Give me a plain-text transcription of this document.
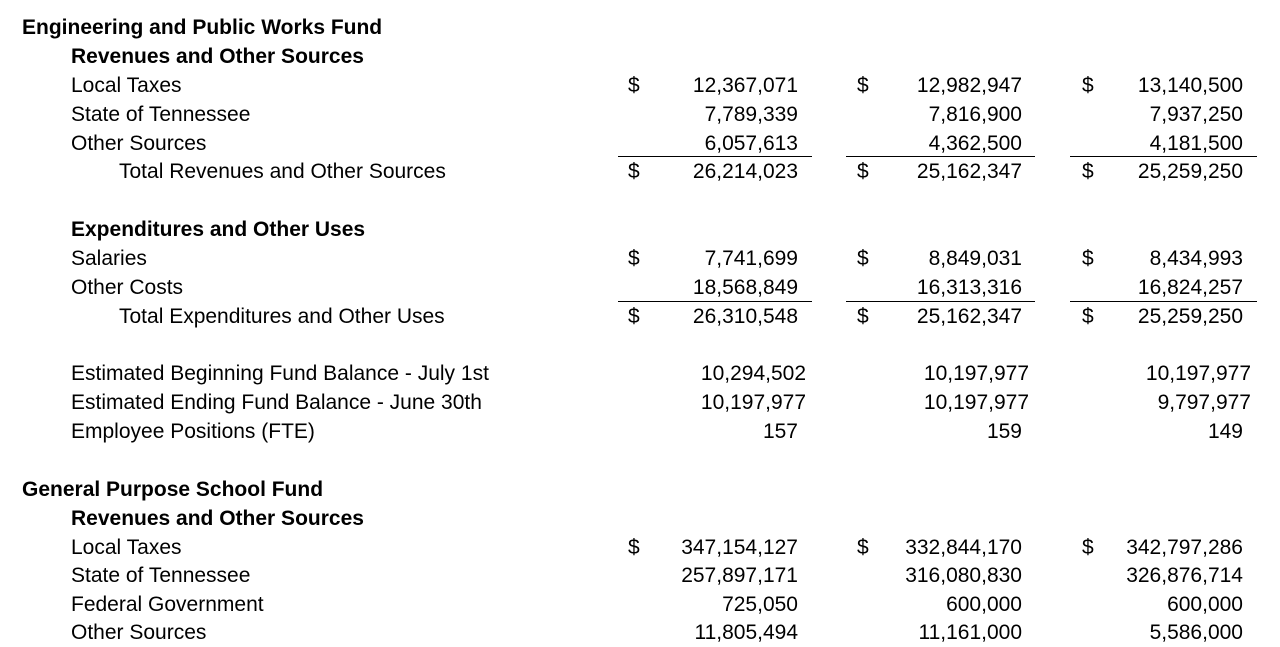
Engineering and Public Works Fund
Revenues and Other Sources
Local Taxes	$	12,367,071	$	12,982,947	$	13,140,500
State of Tennessee	7,789,339	7,816,900	7,937,250
Other Sources	6,057,613	4,362,500	4,181,500
Total Revenues and Other Sources	$	26,214,023	$	25,162,347	$	25,259,250
Expenditures and Other Uses
Salaries	$	7,741,699	$	8,849,031	$	8,434,993
Other Costs	18,568,849	16,313,316	16,824,257
Total Expenditures and Other Uses	$	26,310,548	$	25,162,347	$	25,259,250
Estimated Beginning Fund Balance - July 1st	10,294,502	10,197,977	10,197,977
Estimated Ending Fund Balance - June 30th	10,197,977	10,197,977	9,797,977
Employee Positions (FTE)	157	159	149
General Purpose School Fund
Revenues and Other Sources
Local Taxes	$	347,154,127	$	332,844,170	$	342,797,286
State of Tennessee	257,897,171	316,080,830	326,876,714
Federal Government	725,050	600,000	600,000
Other Sources	11,805,494	11,161,000	5,586,000
